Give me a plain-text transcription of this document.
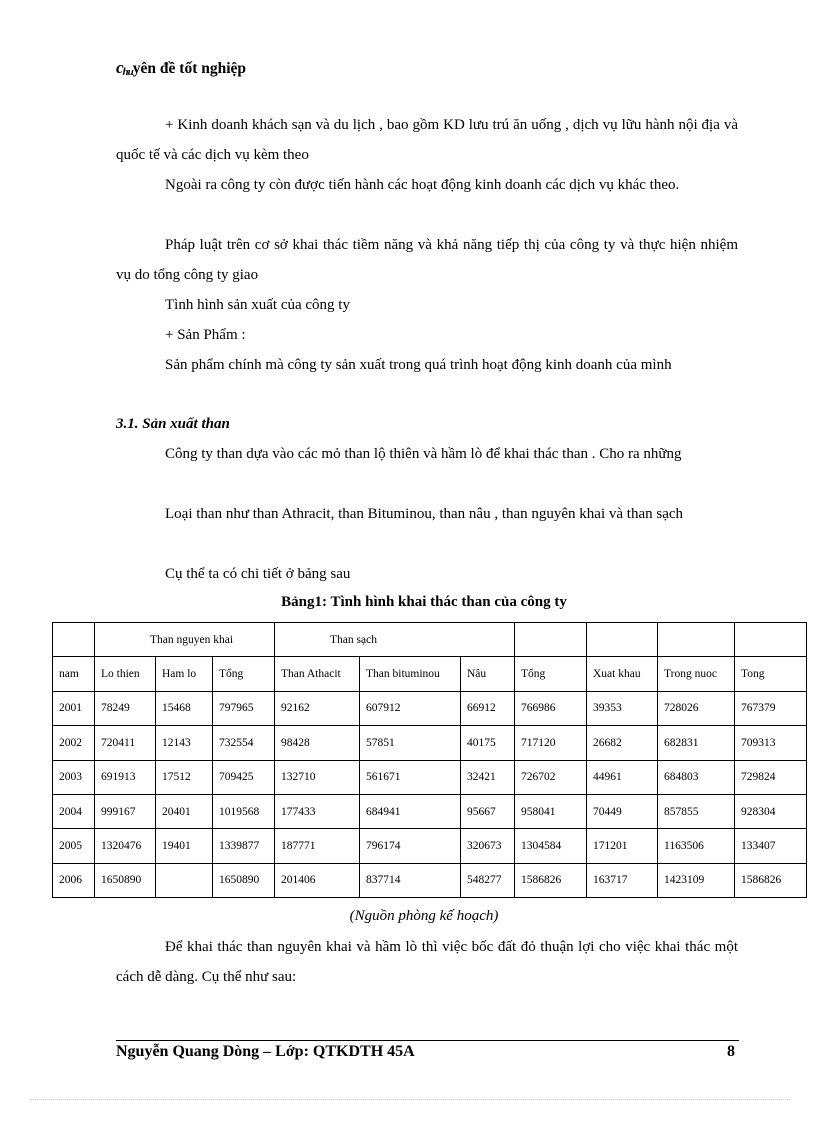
$c_{hu}yên$ đề tốt nghiệp
+ Kinh doanh khách sạn và du lịch , bao gồm KD lưu trú ăn uống , dịch vụ lữu hành nội địa và quốc tế và các dịch vụ kèm theo
Ngoài ra công ty còn được tiến hành các hoạt động kinh doanh các dịch vụ khác theo.
Pháp luật trên cơ sở khai thác tiềm năng và khả năng tiếp thị của công ty và thực hiện nhiệm vụ do tổng công ty giao
Tình hình sản xuất của công ty
+ Sản Phẩm :
Sản phẩm chính mà công ty sản xuất trong quá trình hoạt động kinh doanh của mình
3.1. Sản xuất than
Công ty than dựa vào các mỏ than lộ thiên và hầm lò để khai thác than . Cho ra những
Loại than như than Athracit, than Bituminou, than nâu , than nguyên khai và than sạch
Cụ thể ta có chi tiết ở bảng sau
Bảng1: Tình hình khai thác than của công ty
	Than nguyen khai			Than sạch						
nam	Lo thien	Ham lo	Tổng	Than Athacit	Than bituminou	Nâu	Tổng	Xuat khau	Trong nuoc	Tong
2001	78249	15468	797965	92162	607912	66912	766986	39353	728026	767379
2002	720411	12143	732554	98428	57851	40175	717120	26682	682831	709313
2003	691913	17512	709425	132710	561671	32421	726702	44961	684803	729824
2004	999167	20401	1019568	177433	684941	95667	958041	70449	857855	928304
2005	1320476	19401	1339877	187771	796174	320673	1304584	171201	1163506	133407
2006	1650890		1650890	201406	837714	548277	1586826	163717	1423109	1586826
(Nguồn phòng kế hoạch)
Để khai thác than nguyên khai và hầm lò thì việc bốc đất đỏ thuận lợi cho việc khai thác một cách dễ dàng. Cụ thể như sau:
Nguyễn Quang Dòng – Lớp: QTKDTH 45A	8
